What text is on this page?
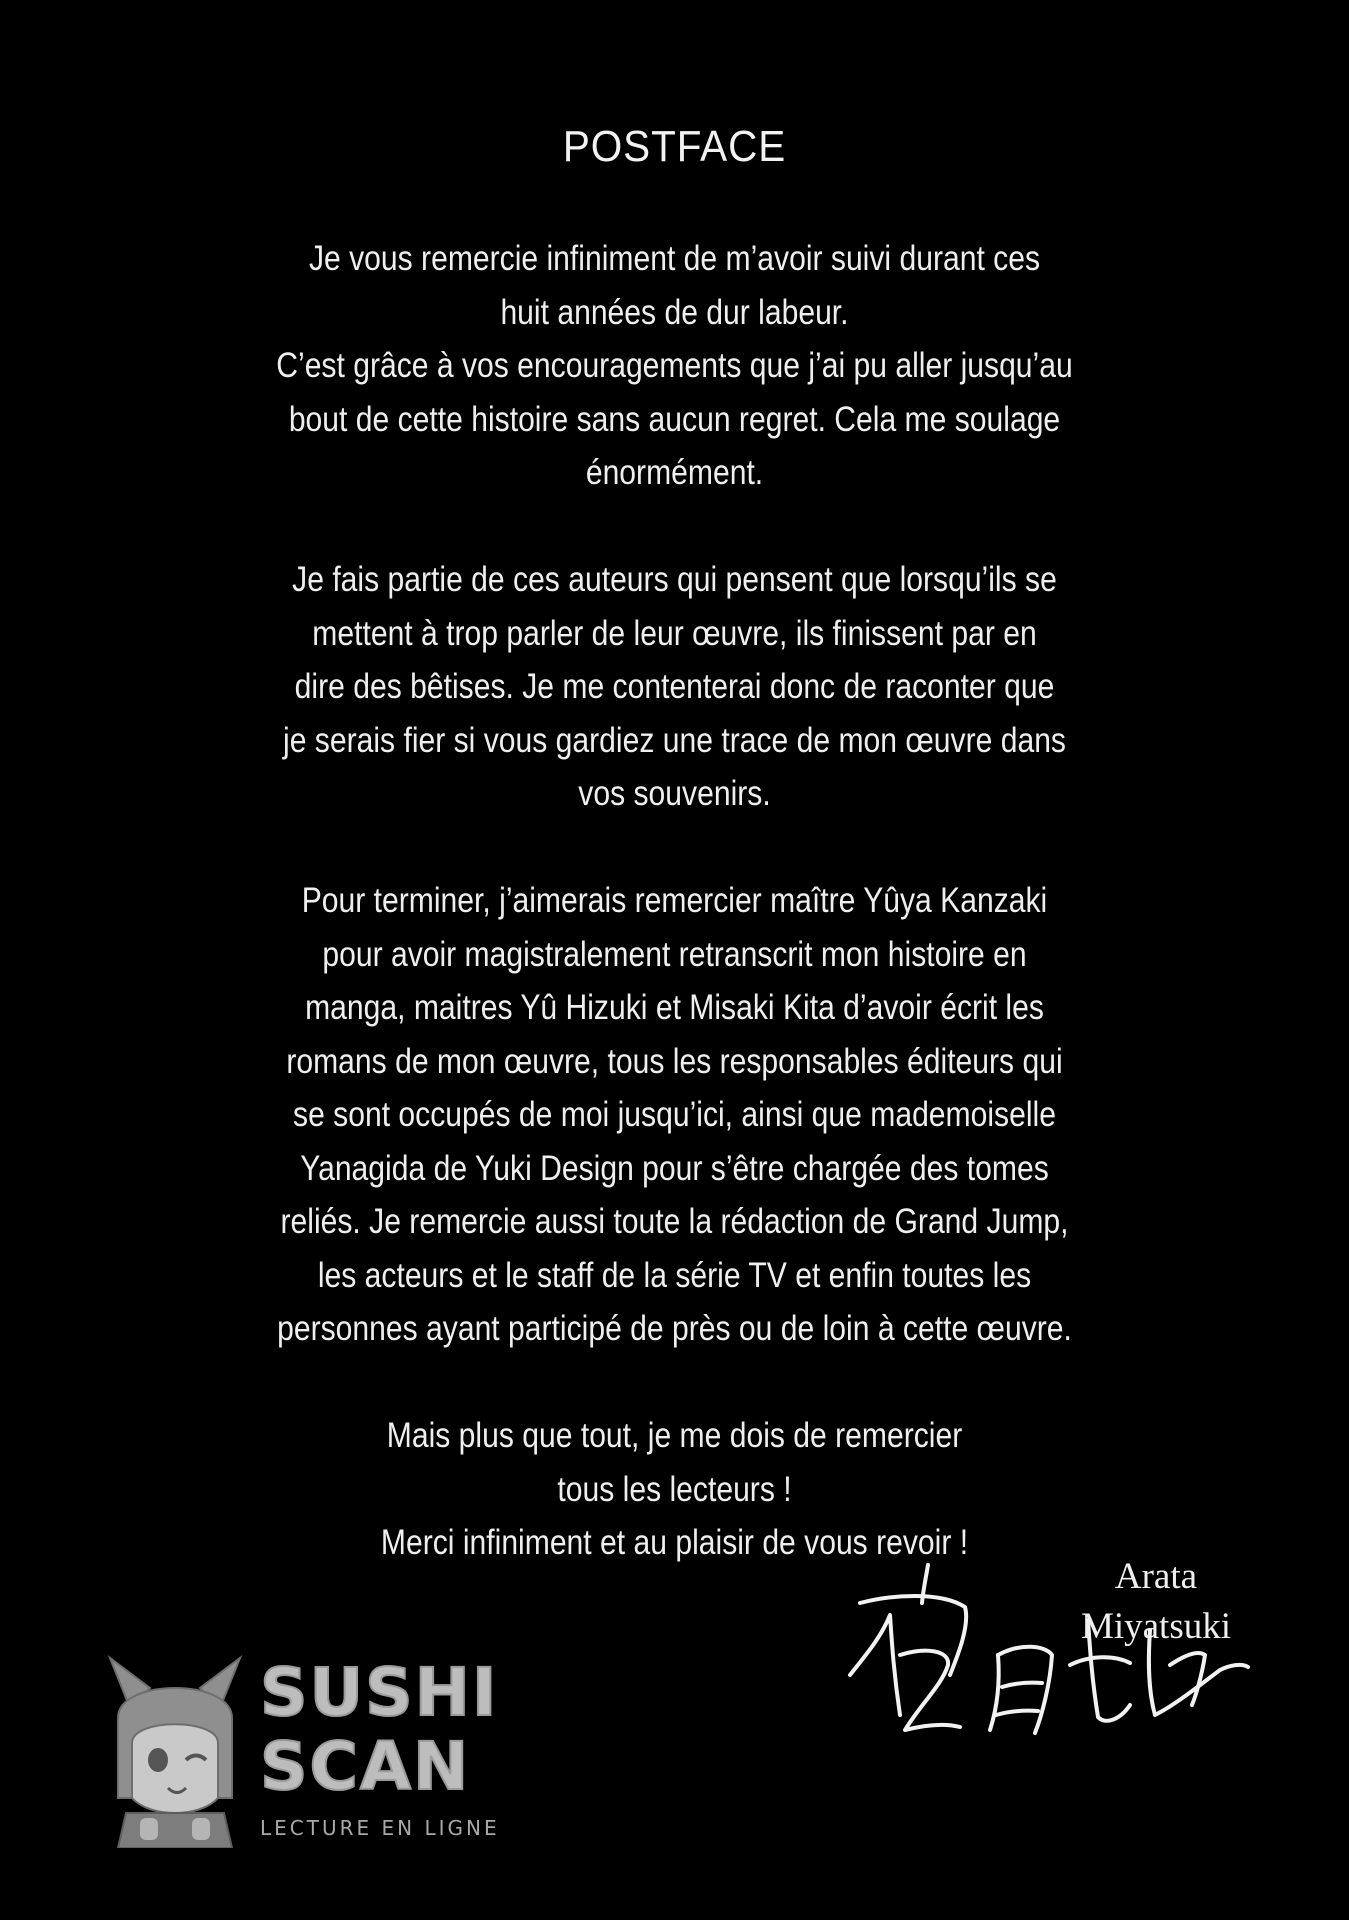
POSTFACE

Je vous remercie infiniment de m’avoir suivi durant ces
huit années de dur labeur.
C’est grâce à vos encouragements que j’ai pu aller jusqu’au
bout de cette histoire sans aucun regret. Cela me soulage
énormément.

Je fais partie de ces auteurs qui pensent que lorsqu’ils se
mettent à trop parler de leur œuvre, ils finissent par en
dire des bêtises. Je me contenterai donc de raconter que
je serais fier si vous gardiez une trace de mon œuvre dans
vos souvenirs.

Pour terminer, j’aimerais remercier maître Yûya Kanzaki
pour avoir magistralement retranscrit mon histoire en
manga, maitres Yû Hizuki et Misaki Kita d’avoir écrit les
romans de mon œuvre, tous les responsables éditeurs qui
se sont occupés de moi jusqu’ici, ainsi que mademoiselle
Yanagida de Yuki Design pour s’être chargée des tomes
reliés. Je remercie aussi toute la rédaction de Grand Jump,
les acteurs et le staff de la série TV et enfin toutes les
personnes ayant participé de près ou de loin à cette œuvre.

Mais plus que tout, je me dois de remercier
tous les lecteurs !
Merci infiniment et au plaisir de vous revoir !

Arata
Miyatsuki
SUSHI
SCAN
LECTURE EN LIGNE
